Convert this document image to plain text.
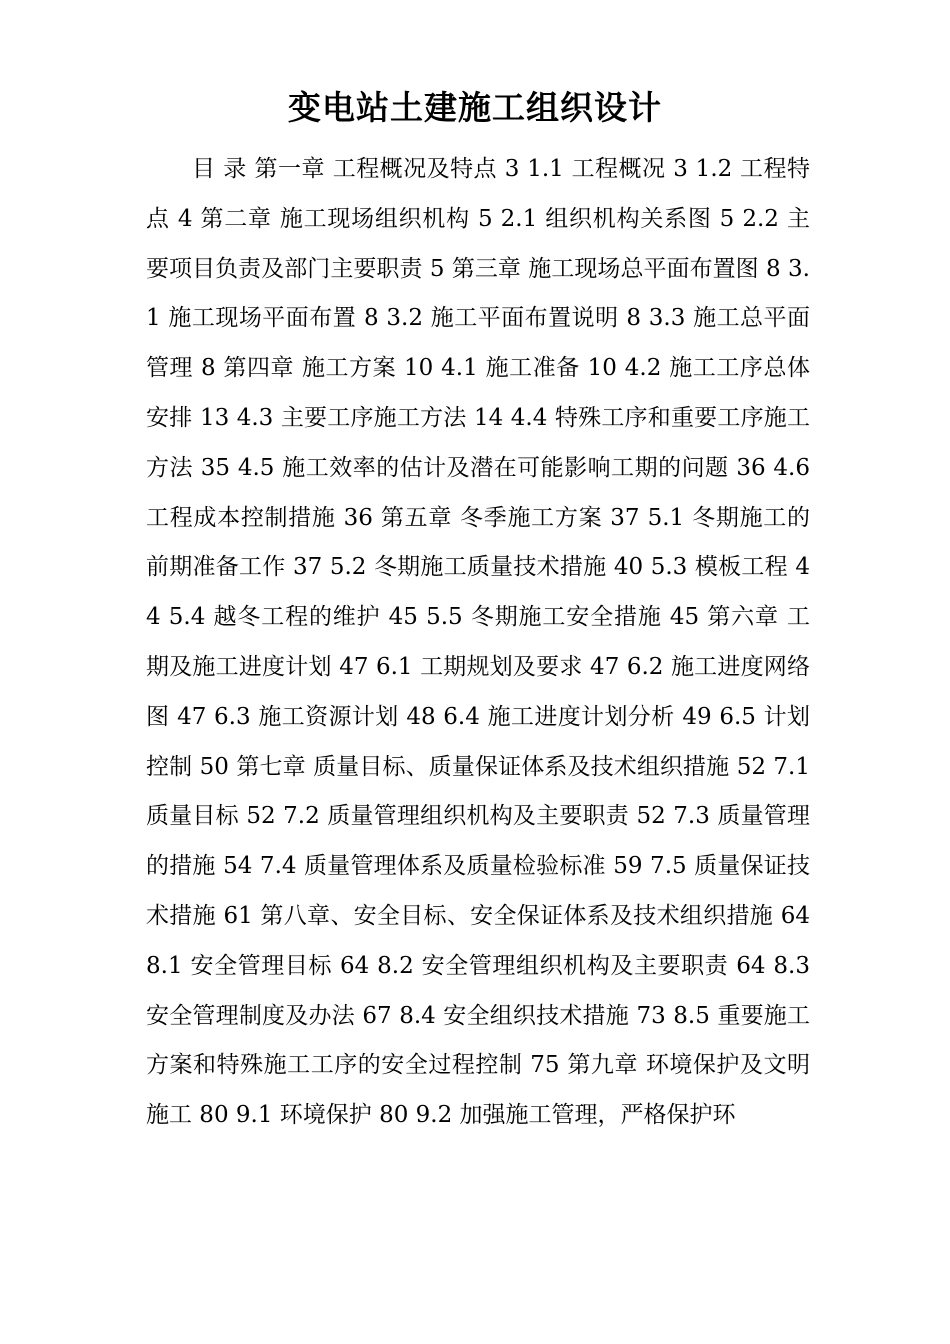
变电站土建施工组织设计

目 录 第一章 工程概况及特点 3 1.1 工程概况 3 1.2 工程特点 4 第二章 施工现场组织机构 5 2.1 组织机构关系图 5 2.2 主要项目负责及部门主要职责 5 第三章 施工现场总平面布置图 8 3.1 施工现场平面布置 8 3.2 施工平面布置说明 8 3.3 施工总平面管理 8 第四章 施工方案 10 4.1 施工准备 10 4.2 施工工序总体安排 13 4.3 主要工序施工方法 14 4.4 特殊工序和重要工序施工方法 35 4.5 施工效率的估计及潜在可能影响工期的问题 36 4.6 工程成本控制措施 36 第五章 冬季施工方案 37 5.1 冬期施工的前期准备工作 37 5.2 冬期施工质量技术措施 40 5.3 模板工程 44 5.4 越冬工程的维护 45 5.5 冬期施工安全措施 45 第六章 工期及施工进度计划 47 6.1 工期规划及要求 47 6.2 施工进度网络图 47 6.3 施工资源计划 48 6.4 施工进度计划分析 49 6.5 计划控制 50 第七章 质量目标、质量保证体系及技术组织措施 52 7.1 质量目标 52 7.2 质量管理组织机构及主要职责 52 7.3 质量管理的措施 54 7.4 质量管理体系及质量检验标准 59 7.5 质量保证技术措施 61 第八章、安全目标、安全保证体系及技术组织措施 64 8.1 安全管理目标 64 8.2 安全管理组织机构及主要职责 64 8.3 安全管理制度及办法 67 8.4 安全组织技术措施 73 8.5 重要施工方案和特殊施工工序的安全过程控制 75 第九章 环境保护及文明施工 80 9.1 环境保护 80 9.2 加强施工管理，严格保护环
